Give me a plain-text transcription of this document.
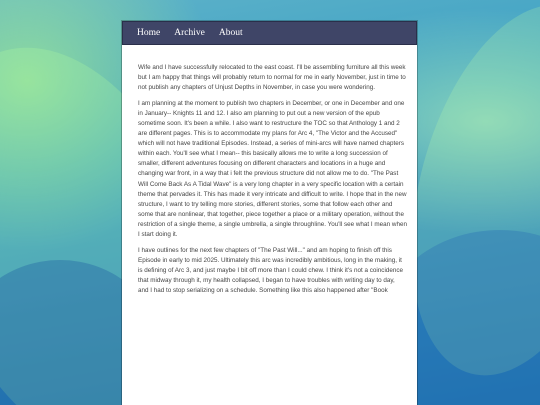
Home Archive About

Wife and I have successfully relocated to the east coast. I'll be assembling furniture all this week but I am happy that things will probably return to normal for me in early November, just in time to not publish any chapters of Unjust Depths in November, in case you were wondering.

I am planning at the moment to publish two chapters in December, or one in December and one in January-- Knights 11 and 12. I also am planning to put out a new version of the epub sometime soon. It's been a while. I also want to restructure the TOC so that Anthology 1 and 2 are different pages. This is to accommodate my plans for Arc 4, "The Victor and the Accused" which will not have traditional Episodes. Instead, a series of mini-arcs will have named chapters within each. You'll see what I mean-- this basically allows me to write a long succession of smaller, different adventures focusing on different characters and locations in a huge and changing war front, in a way that i felt the previous structure did not allow me to do. "The Past Will Come Back As A Tidal Wave" is a very long chapter in a very specific location with a certain theme that pervades it. This has made it very intricate and difficult to write. I hope that in the new structure, I want to try telling more stories, different stories, some that follow each other and some that are nonlinear, that together, piece together a place or a military operation, without the restriction of a single theme, a single umbrella, a single throughline. You'll see what I mean when I start doing it.

I have outlines for the next few chapters of "The Past Will..." and am hoping to finish off this Episode in early to mid 2025. Ultimately this arc was incredibly ambitious, long in the making, it is defining of Arc 3, and just maybe I bit off more than I could chew. I think it's not a coincidence that midway through it, my health collapsed, I began to have troubles with writing day to day, and I had to stop serializing on a schedule. Something like this also happened after "Book
